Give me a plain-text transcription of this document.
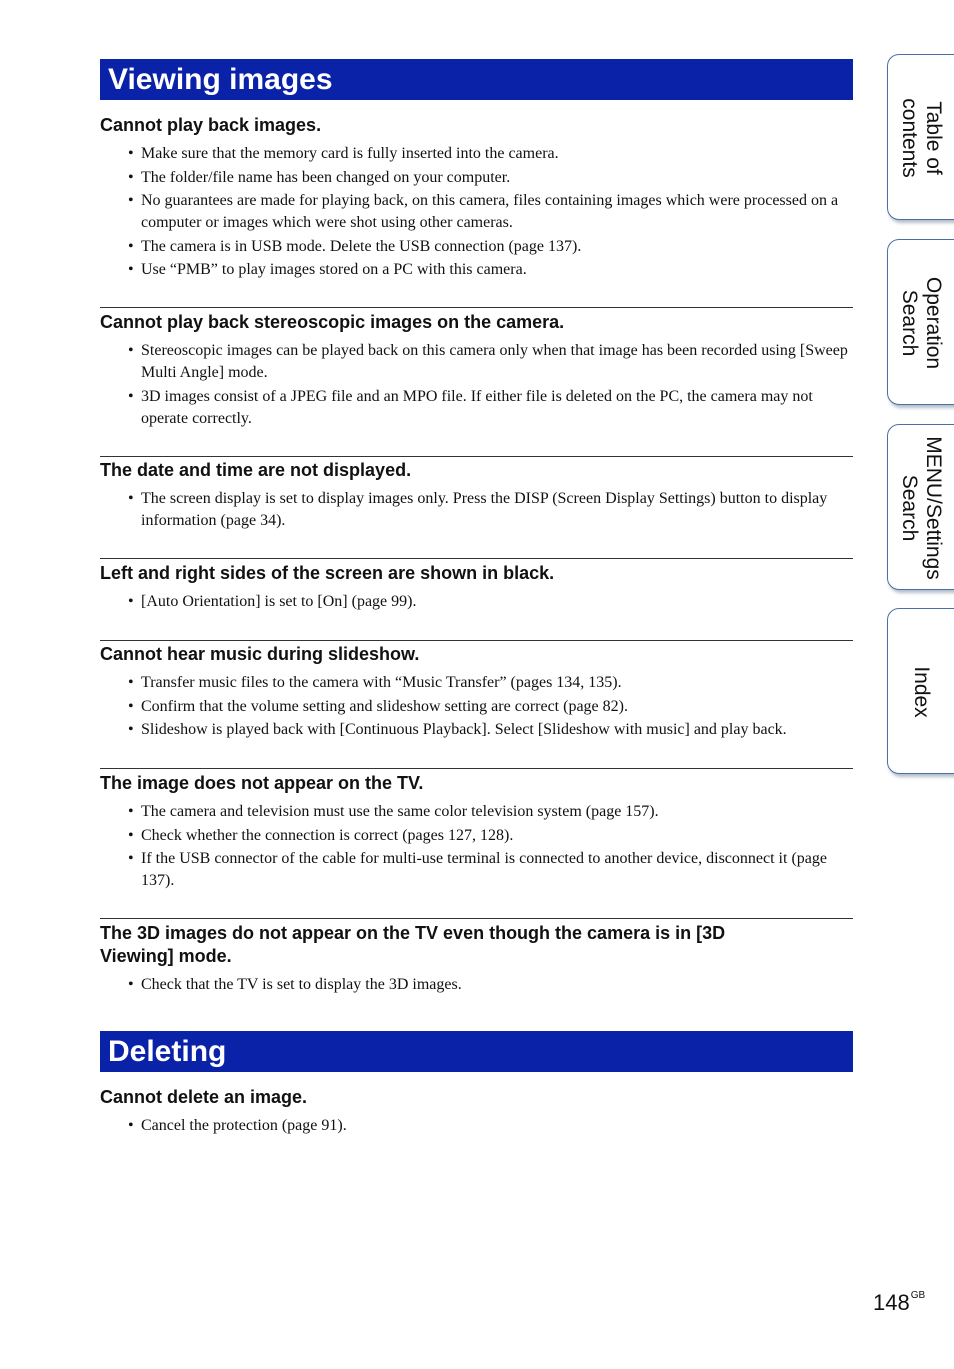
Viewing images
Deleting
Cannot play back images.
• Make sure that the memory card is fully inserted into the camera.
• The folder/file name has been changed on your computer.
• No guarantees are made for playing back, on this camera, files containing images which were processed on a computer or images which were shot using other cameras.
• The camera is in USB mode. Delete the USB connection (page 137).
• Use “PMB” to play images stored on a PC with this camera.
Cannot play back stereoscopic images on the camera.
• Stereoscopic images can be played back on this camera only when that image has been recorded using [Sweep Multi Angle] mode.
• 3D images consist of a JPEG file and an MPO file. If either file is deleted on the PC, the camera may not operate correctly.
The date and time are not displayed.
• The screen display is set to display images only. Press the DISP (Screen Display Settings) button to display information (page 34).
Left and right sides of the screen are shown in black.
• [Auto Orientation] is set to [On] (page 99).
Cannot hear music during slideshow.
• Transfer music files to the camera with “Music Transfer” (pages 134, 135).
• Confirm that the volume setting and slideshow setting are correct (page 82).
• Slideshow is played back with [Continuous Playback]. Select [Slideshow with music] and play back.
The image does not appear on the TV.
• The camera and television must use the same color television system (page 157).
• Check whether the connection is correct (pages 127, 128).
• If the USB connector of the cable for multi-use terminal is connected to another device, disconnect it (page 137).
The 3D images do not appear on the TV even though the camera is in [3D Viewing] mode.
• Check that the TV is set to display the 3D images.
Cannot delete an image.
• Cancel the protection (page 91).
Table of
contents
Operation
Search
MENU/Settings
Search
Index
$148^{GB}$
